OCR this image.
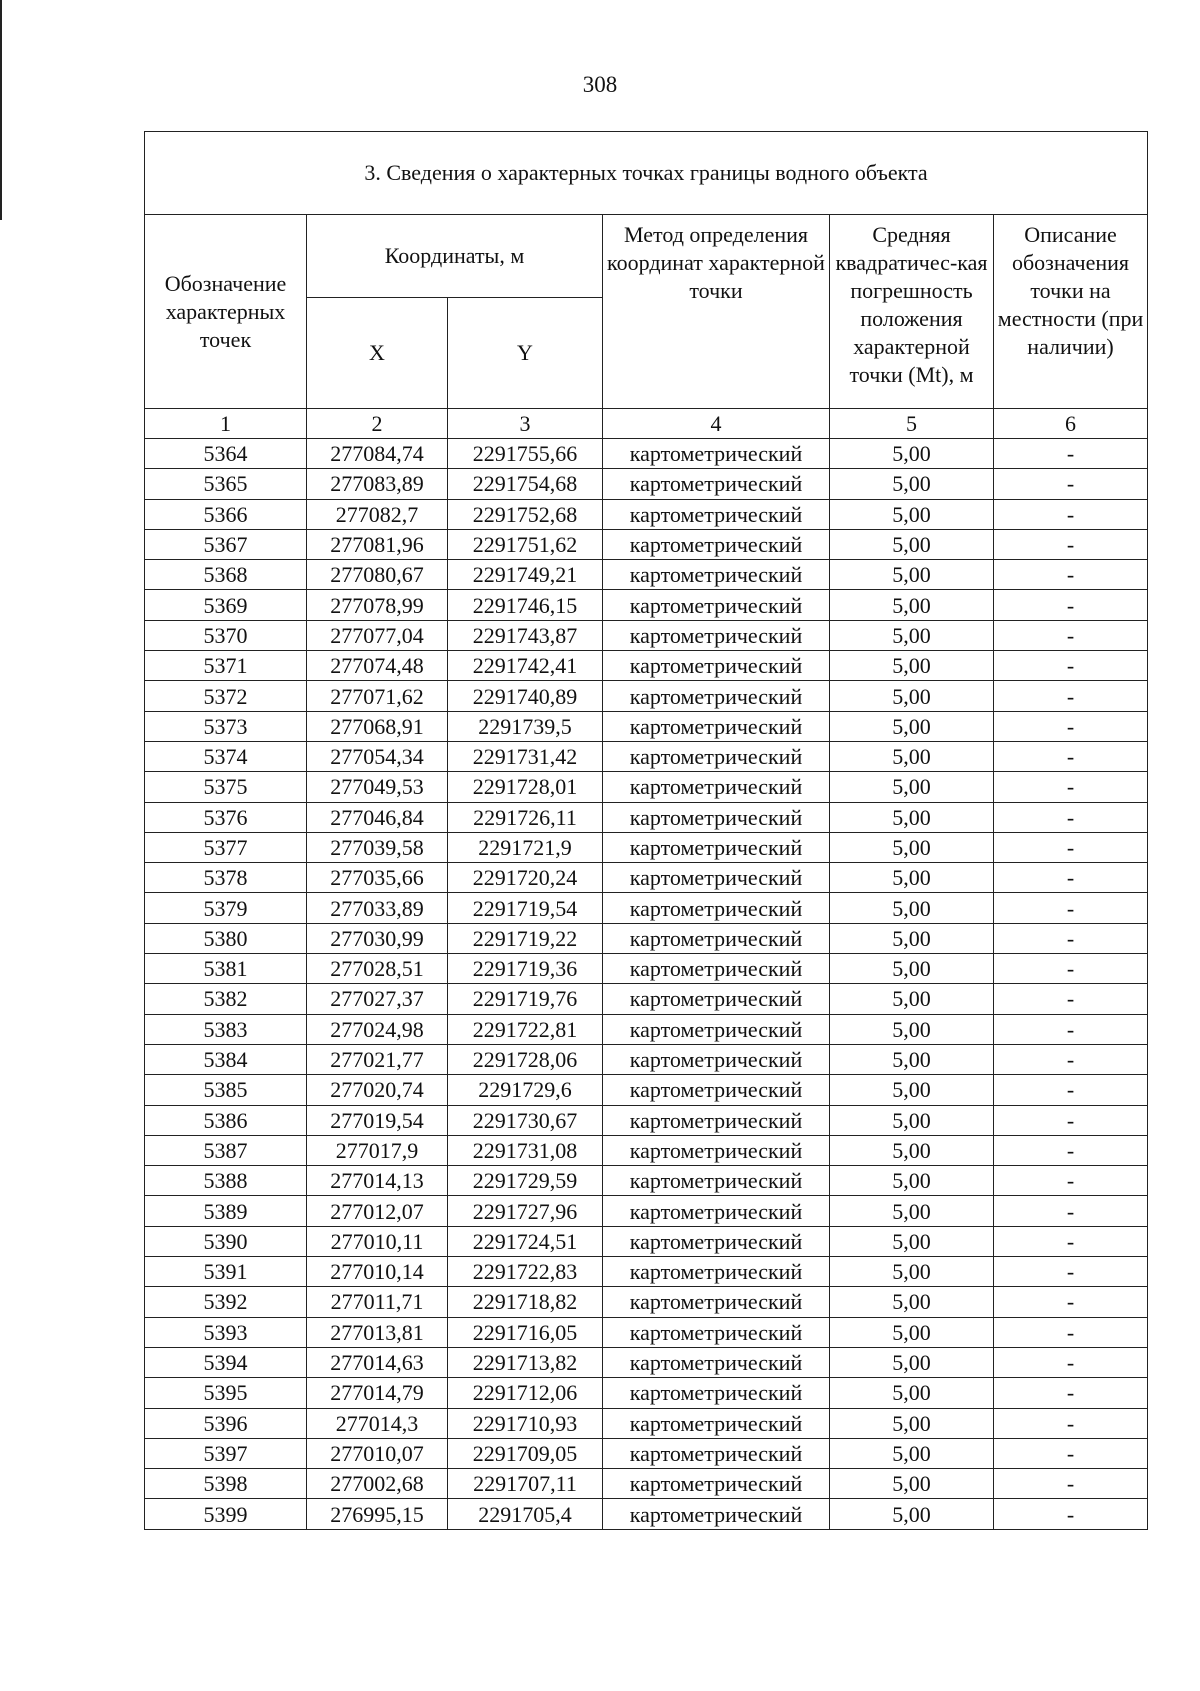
308
3. Сведения о характерных точках границы водного объекта					
Обозначение характерных точек	Координаты, м		Метод определения координат характерной точки	Средняя квадратичес-кая погрешность положения характерной точки (Mt), м	Описание обозначения точки на местности (при наличии)
	X	Y			
1	2	3	4	5	6
5364	277084,74	2291755,66	картометрический	5,00	-
5365	277083,89	2291754,68	картометрический	5,00	-
5366	277082,7	2291752,68	картометрический	5,00	-
5367	277081,96	2291751,62	картометрический	5,00	-
5368	277080,67	2291749,21	картометрический	5,00	-
5369	277078,99	2291746,15	картометрический	5,00	-
5370	277077,04	2291743,87	картометрический	5,00	-
5371	277074,48	2291742,41	картометрический	5,00	-
5372	277071,62	2291740,89	картометрический	5,00	-
5373	277068,91	2291739,5	картометрический	5,00	-
5374	277054,34	2291731,42	картометрический	5,00	-
5375	277049,53	2291728,01	картометрический	5,00	-
5376	277046,84	2291726,11	картометрический	5,00	-
5377	277039,58	2291721,9	картометрический	5,00	-
5378	277035,66	2291720,24	картометрический	5,00	-
5379	277033,89	2291719,54	картометрический	5,00	-
5380	277030,99	2291719,22	картометрический	5,00	-
5381	277028,51	2291719,36	картометрический	5,00	-
5382	277027,37	2291719,76	картометрический	5,00	-
5383	277024,98	2291722,81	картометрический	5,00	-
5384	277021,77	2291728,06	картометрический	5,00	-
5385	277020,74	2291729,6	картометрический	5,00	-
5386	277019,54	2291730,67	картометрический	5,00	-
5387	277017,9	2291731,08	картометрический	5,00	-
5388	277014,13	2291729,59	картометрический	5,00	-
5389	277012,07	2291727,96	картометрический	5,00	-
5390	277010,11	2291724,51	картометрический	5,00	-
5391	277010,14	2291722,83	картометрический	5,00	-
5392	277011,71	2291718,82	картометрический	5,00	-
5393	277013,81	2291716,05	картометрический	5,00	-
5394	277014,63	2291713,82	картометрический	5,00	-
5395	277014,79	2291712,06	картометрический	5,00	-
5396	277014,3	2291710,93	картометрический	5,00	-
5397	277010,07	2291709,05	картометрический	5,00	-
5398	277002,68	2291707,11	картометрический	5,00	-
5399	276995,15	2291705,4	картометрический	5,00	-
